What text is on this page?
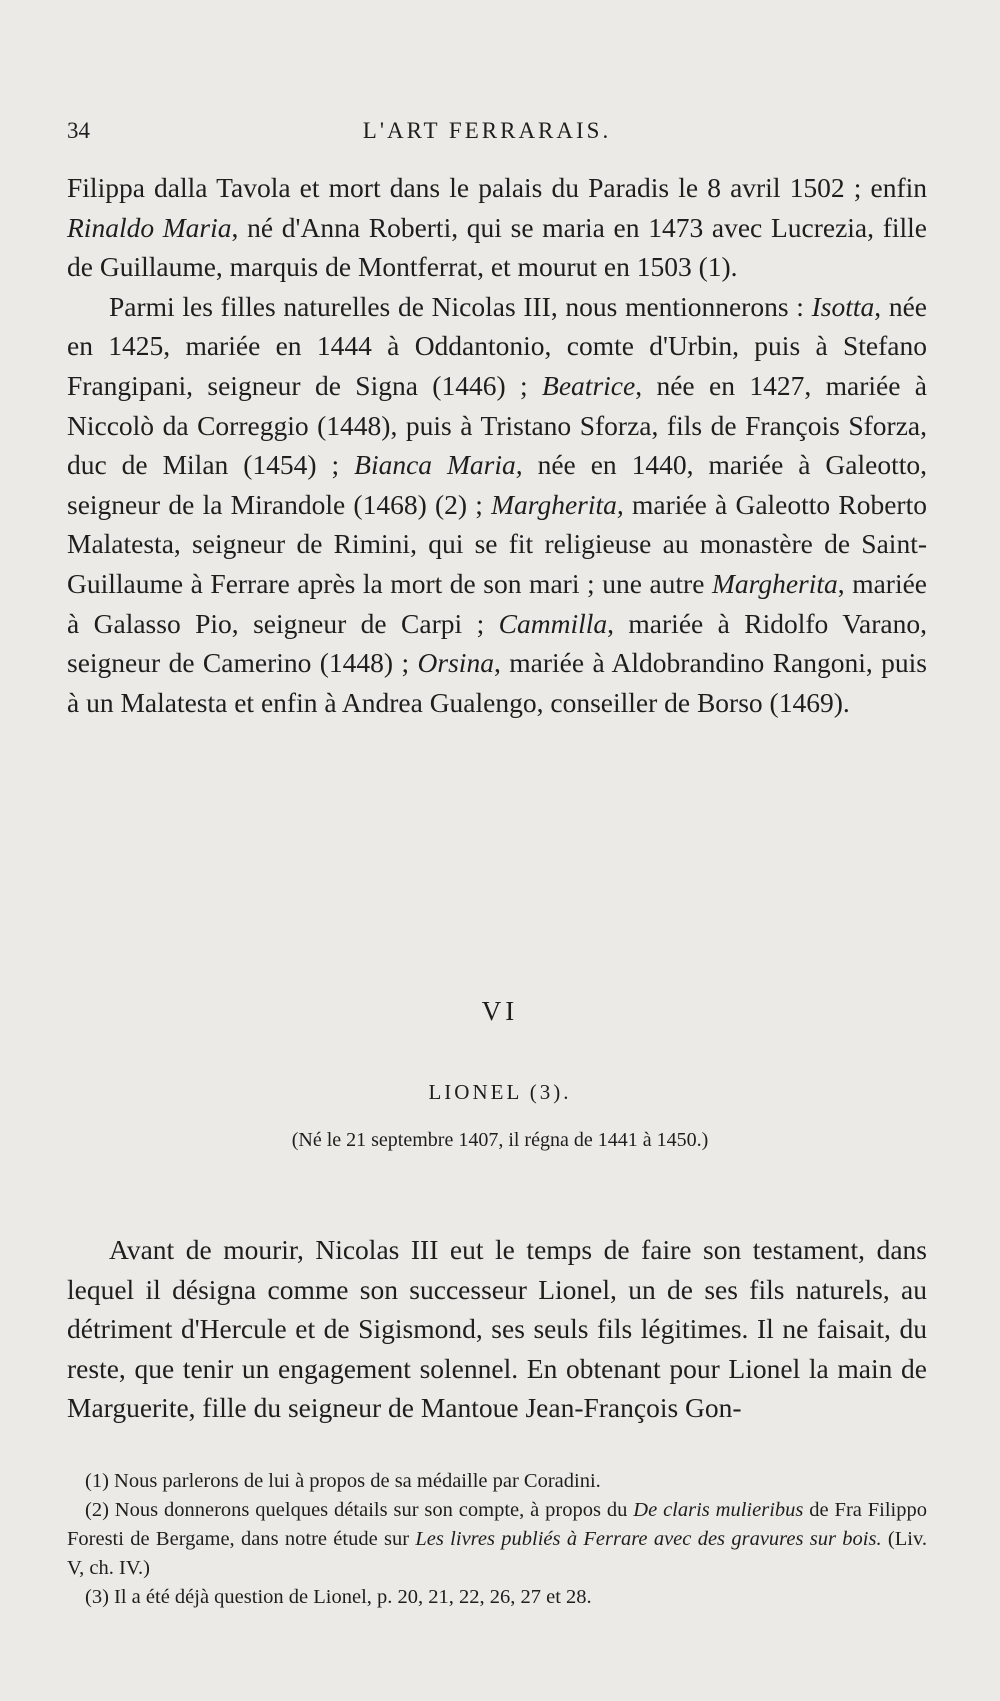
34	L'ART FERRARAIS.

Filippa dalla Tavola et mort dans le palais du Paradis le 8 avril 1502 ; enfin Rinaldo Maria, né d'Anna Roberti, qui se maria en 1473 avec Lucrezia, fille de Guillaume, marquis de Montferrat, et mourut en 1503 (1).

Parmi les filles naturelles de Nicolas III, nous mentionnerons : Isotta, née en 1425, mariée en 1444 à Oddantonio, comte d'Urbin, puis à Stefano Frangipani, seigneur de Signa (1446) ; Beatrice, née en 1427, mariée à Niccolò da Correggio (1448), puis à Tristano Sforza, fils de François Sforza, duc de Milan (1454) ; Bianca Maria, née en 1440, mariée à Galeotto, seigneur de la Mirandole (1468) (2) ; Margherita, mariée à Galeotto Roberto Malatesta, seigneur de Rimini, qui se fit religieuse au monastère de Saint-Guillaume à Ferrare après la mort de son mari ; une autre Margherita, mariée à Galasso Pio, seigneur de Carpi ; Cammilla, mariée à Ridolfo Varano, seigneur de Camerino (1448) ; Orsina, mariée à Aldobrandino Rangoni, puis à un Malatesta et enfin à Andrea Gualengo, conseiller de Borso (1469).

VI
LIONEL (3).
(Né le 21 septembre 1407, il régna de 1441 à 1450.)

Avant de mourir, Nicolas III eut le temps de faire son testament, dans lequel il désigna comme son successeur Lionel, un de ses fils naturels, au détriment d'Hercule et de Sigismond, ses seuls fils légitimes. Il ne faisait, du reste, que tenir un engagement solennel. En obtenant pour Lionel la main de Marguerite, fille du seigneur de Mantoue Jean-François Gon-

(1) Nous parlerons de lui à propos de sa médaille par Coradini.

(2) Nous donnerons quelques détails sur son compte, à propos du De claris mulieribus de Fra Filippo Foresti de Bergame, dans notre étude sur Les livres publiés à Ferrare avec des gravures sur bois. (Liv. V, ch. IV.)

(3) Il a été déjà question de Lionel, p. 20, 21, 22, 26, 27 et 28.
